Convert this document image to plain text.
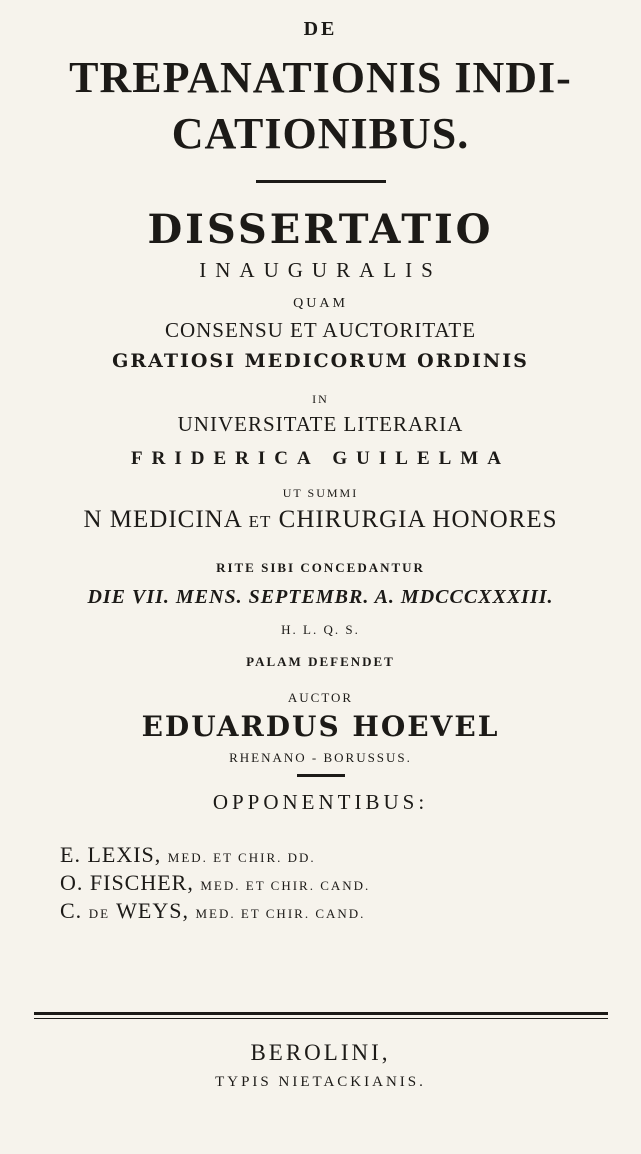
DE
TREPANATIONIS INDI-
CATIONIBUS.
DISSERTATIO
INAUGURALIS
QUAM
CONSENSU ET AUCTORITATE
GRATIOSI MEDICORUM ORDINIS
IN
UNIVERSITATE LITERARIA
FRIDERICA GUILELMA
UT SUMMI
N MEDICINA ET CHIRURGIA HONORES
RITE SIBI CONCEDANTUR
DIE VII. MENS. SEPTEMBR. A. MDCCCXXXIII.
H. L. Q. S.
PALAM DEFENDET
AUCTOR
EDUARDUS HOEVEL
RHENANO - BORUSSUS.
OPPONENTIBUS:
E. LEXIS, MED. ET CHIR. DD.
O. FISCHER, MED. ET CHIR. CAND.
C. DE WEYS, MED. ET CHIR. CAND.
BEROLINI,
TYPIS NIETACKIANIS.
